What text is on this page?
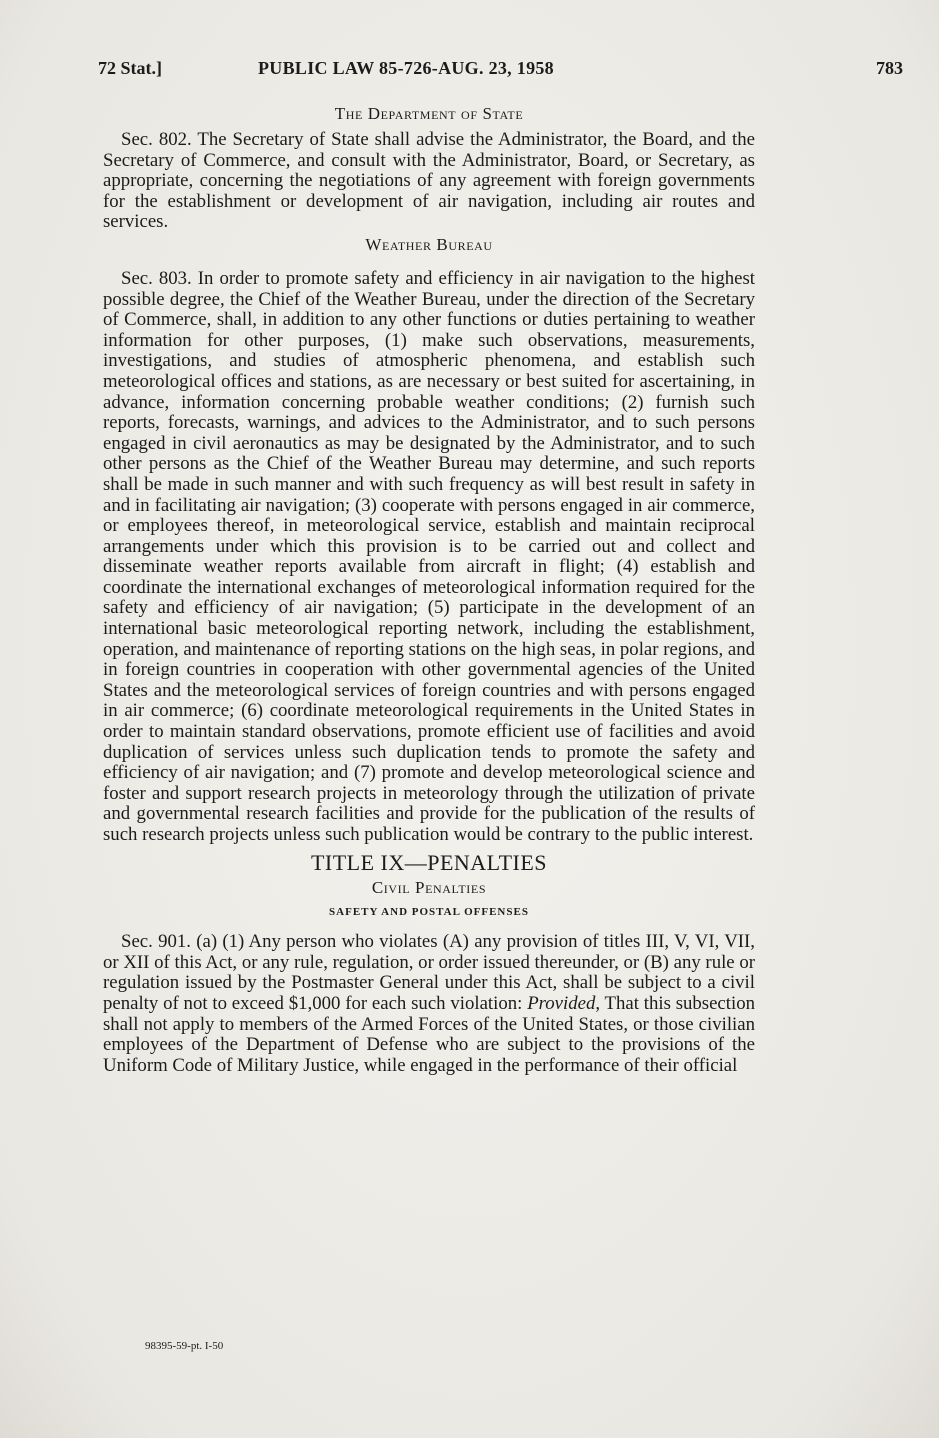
72 Stat.]	PUBLIC LAW 85-726-AUG. 23, 1958	783
The Department of State

Sec. 802. The Secretary of State shall advise the Administrator, the Board, and the Secretary of Commerce, and consult with the Administrator, Board, or Secretary, as appropriate, concerning the negotiations of any agreement with foreign governments for the establishment or development of air navigation, including air routes and services.

Weather Bureau

Sec. 803. In order to promote safety and efficiency in air navigation to the highest possible degree, the Chief of the Weather Bureau, under the direction of the Secretary of Commerce, shall, in addition to any other functions or duties pertaining to weather information for other purposes, (1) make such observations, measurements, investigations, and studies of atmospheric phenomena, and establish such meteorological offices and stations, as are necessary or best suited for ascertaining, in advance, information concerning probable weather conditions; (2) furnish such reports, forecasts, warnings, and advices to the Administrator, and to such persons engaged in civil aeronautics as may be designated by the Administrator, and to such other persons as the Chief of the Weather Bureau may determine, and such reports shall be made in such manner and with such frequency as will best result in safety in and in facilitating air navigation; (3) cooperate with persons engaged in air commerce, or employees thereof, in meteorological service, establish and maintain reciprocal arrangements under which this provision is to be carried out and collect and disseminate weather reports available from aircraft in flight; (4) establish and coordinate the international exchanges of meteorological information required for the safety and efficiency of air navigation; (5) participate in the development of an international basic meteorological reporting network, including the establishment, operation, and maintenance of reporting stations on the high seas, in polar regions, and in foreign countries in cooperation with other governmental agencies of the United States and the meteorological services of foreign countries and with persons engaged in air commerce; (6) coordinate meteorological requirements in the United States in order to maintain standard observations, promote efficient use of facilities and avoid duplication of services unless such duplication tends to promote the safety and efficiency of air navigation; and (7) promote and develop meteorological science and foster and support research projects in meteorology through the utilization of private and governmental research facilities and provide for the publication of the results of such research projects unless such publication would be contrary to the public interest.

TITLE IX—PENALTIES
Civil Penalties
SAFETY AND POSTAL OFFENSES

Sec. 901. (a) (1) Any person who violates (A) any provision of titles III, V, VI, VII, or XII of this Act, or any rule, regulation, or order issued thereunder, or (B) any rule or regulation issued by the Postmaster General under this Act, shall be subject to a civil penalty of not to exceed $1,000 for each such violation: Provided, That this subsection shall not apply to members of the Armed Forces of the United States, or those civilian employees of the Department of Defense who are subject to the provisions of the Uniform Code of Military Justice, while engaged in the performance of their official

98395-59-pt. I-50
